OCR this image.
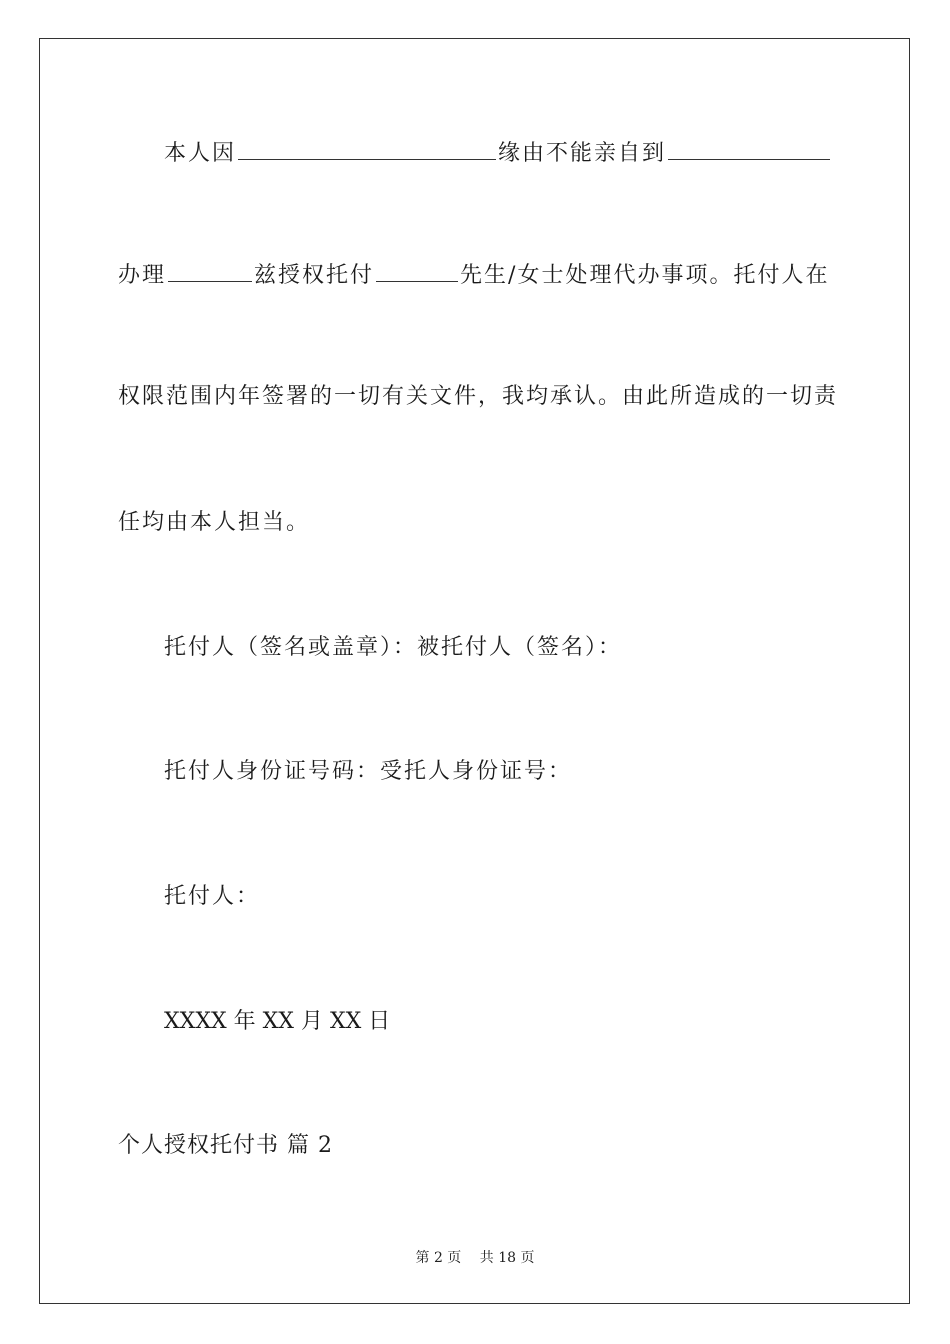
本人因	缘由不能亲自到
办理	兹授权托付	先生/女士处理代办事项。托付人在
权限范围内年签署的一切有关文件，我均承认。由此所造成的一切责
任均由本人担当。
托付人（签名或盖章）：被托付人（签名）：
托付人身份证号码：受托人身份证号：
托付人：
XXXX 年 XX 月 XX 日
个人授权托付书 篇 2
第 2 页　 共 18 页
